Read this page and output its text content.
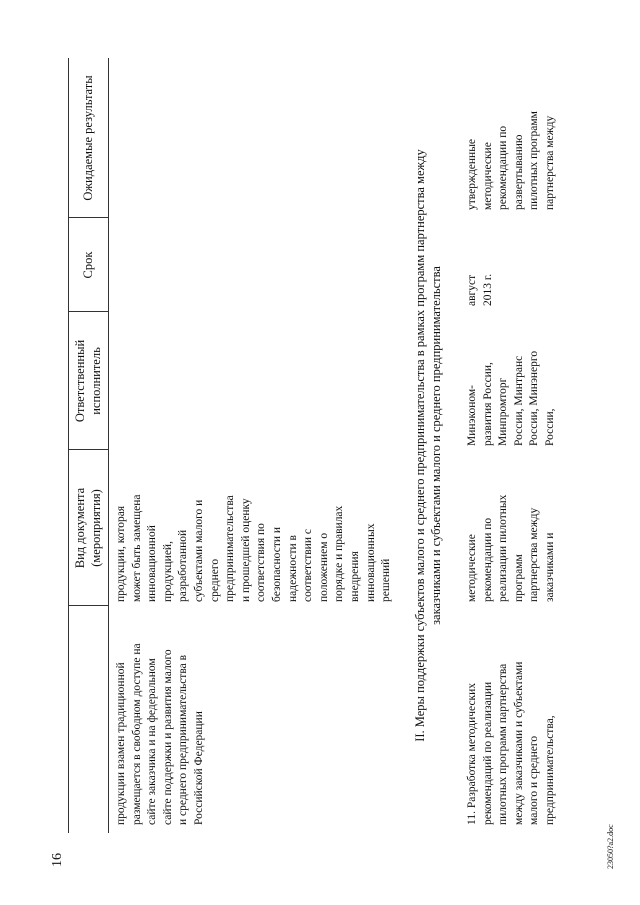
16
Вид документа
(мероприятия)
Ответственный
исполнитель
Срок
Ожидаемые результаты
продукции взамен традиционной
размещается в свободном доступе на
сайте заказчика и на федеральном
сайте поддержки и развития малого
и среднего предпринимательства в
Российской Федерации
продукции, которая
может быть замещена
инновационной
продукцией,
разработанной
субъектами малого и
среднего
предпринимательства
и прошедшей оценку
соответствия по
безопасности и
надежности в
соответствии с
положением о
порядке и правилах
внедрения
инновационных
решений
II. Меры поддержки субъектов малого и среднего предпринимательства в рамках программ партнерства между
заказчиками и субъектами малого и среднего предпринимательства
11. Разработка методических
рекомендаций по реализации
пилотных программ партнерства
между заказчиками и субъектами
малого и среднего
предпринимательства,
методические
рекомендации по
реализации пилотных
программ
партнерства между
заказчиками и
Минэконом-
развития России,
Минпромторг
России, Минтранс
России, Минэнерго
России,
август
2013 г.
утвержденные
методические
рекомендации по
развертыванию
пилотных программ
партнерства между
23050?a2.doc
